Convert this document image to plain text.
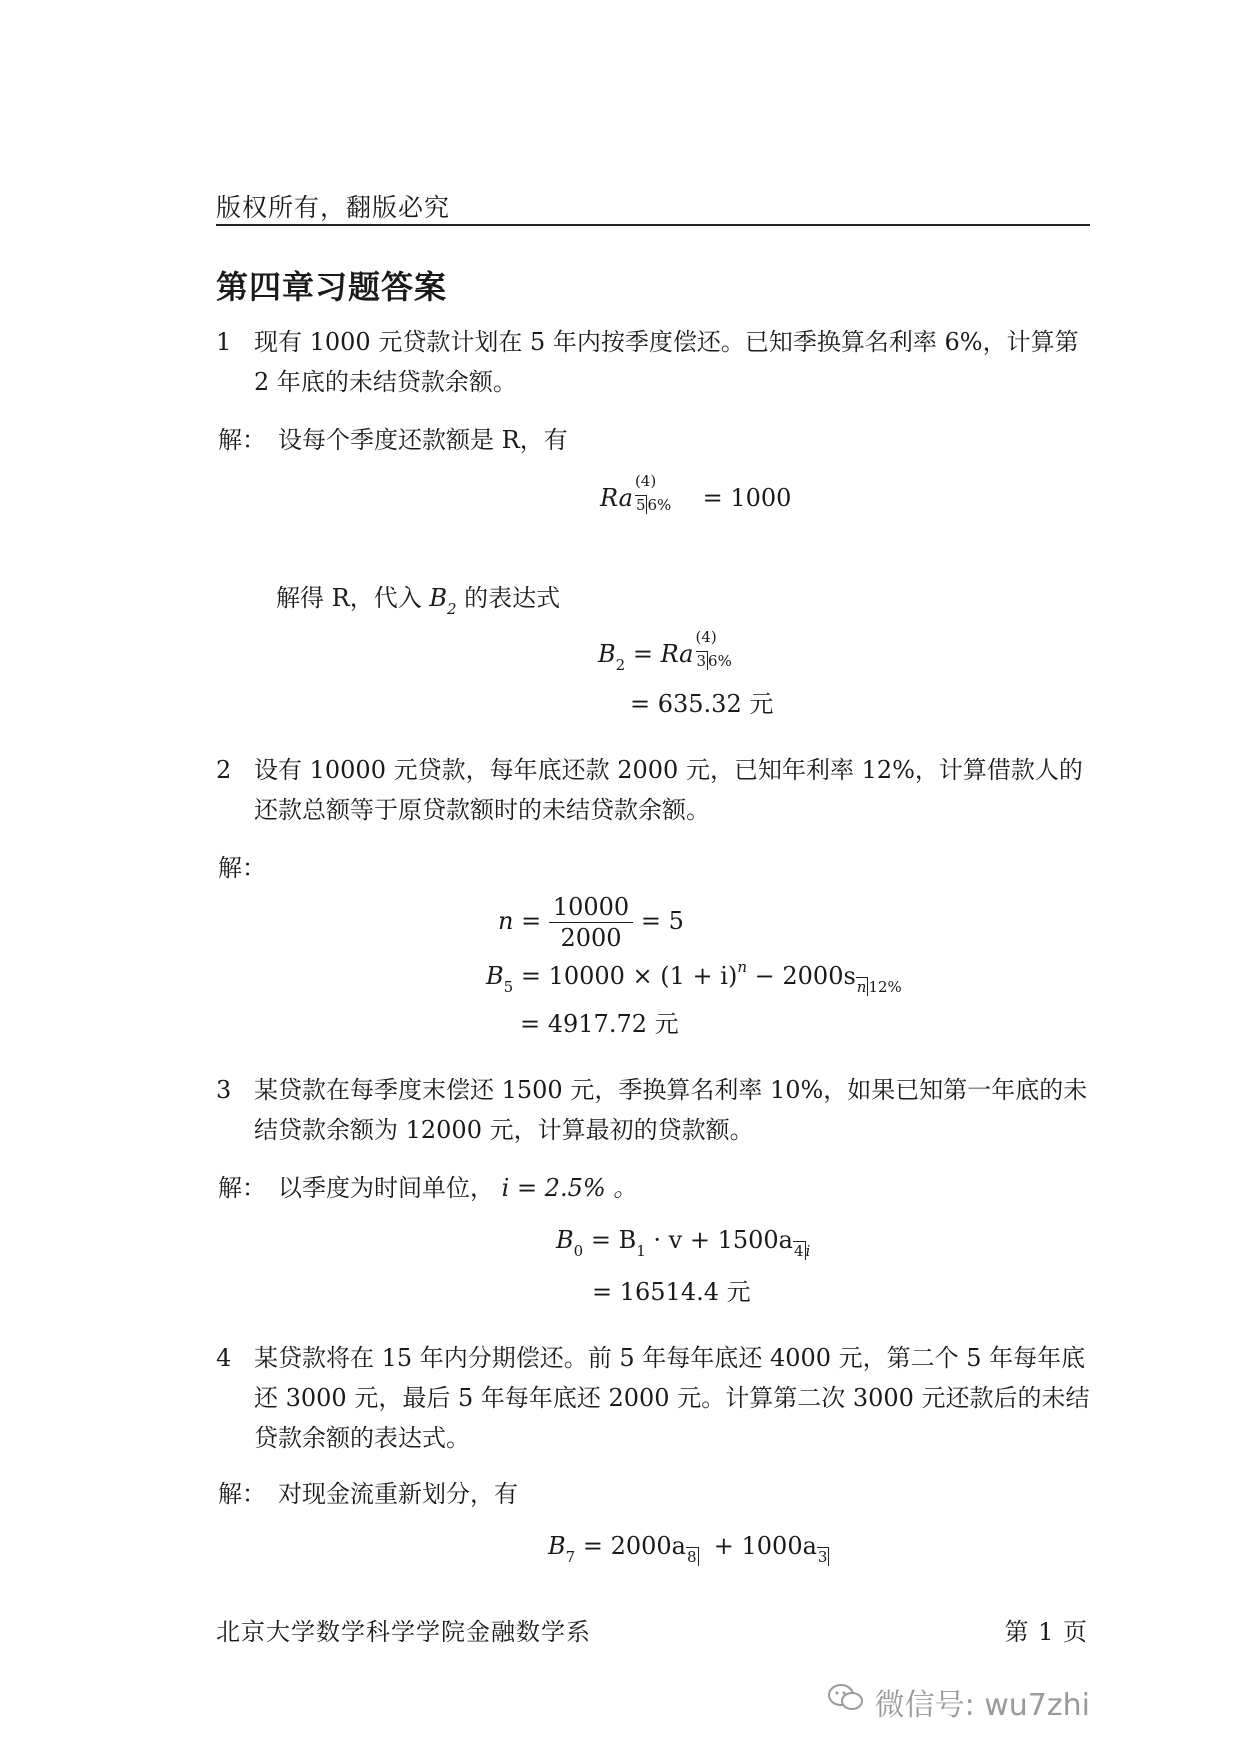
版权所有，翻版必究
第四章习题答案
1 现有 1000 元贷款计划在 5 年内按季度偿还。已知季换算名利率 6%，计算第 2 年底的未结贷款余额。
解： 设每个季度还款额是 R，有
Ra
(4)
5 6% = 1000
解得 R，代入 $B_2$ 的表达式
$B_2 = Ra$
(4)
3 6%
= 635.32 元
2 设有 10000 元贷款，每年底还款 2000 元，已知年利率 12%，计算借款人的还款总额等于原贷款额时的未结贷款余额。
解：
$n = \frac{10000}{2000} = 5$
$B_5 = 10000 \times (1 + i)^n - 2000s_{n 12\%}$
= 4917.72 元
3 某贷款在每季度末偿还 1500 元，季换算名利率 10%，如果已知第一年底的未结贷款余额为 12000 元，计算最初的贷款额。
解： 以季度为时间单位， i = 2.5% 。
$B_0 = B_1 \cdot v + 1500a_{4 i}$
= 16514.4 元
4 某贷款将在 15 年内分期偿还。前 5 年每年底还 4000 元，第二个 5 年每年底还 3000 元，最后 5 年每年底还 2000 元。计算第二次 3000 元还款后的未结贷款余额的表达式。
解： 对现金流重新划分，有
$B_7 = 2000a_8 + 1000a_3$
北京大学数学科学学院金融数学系	第 1 页
微信号: wu7zhi
